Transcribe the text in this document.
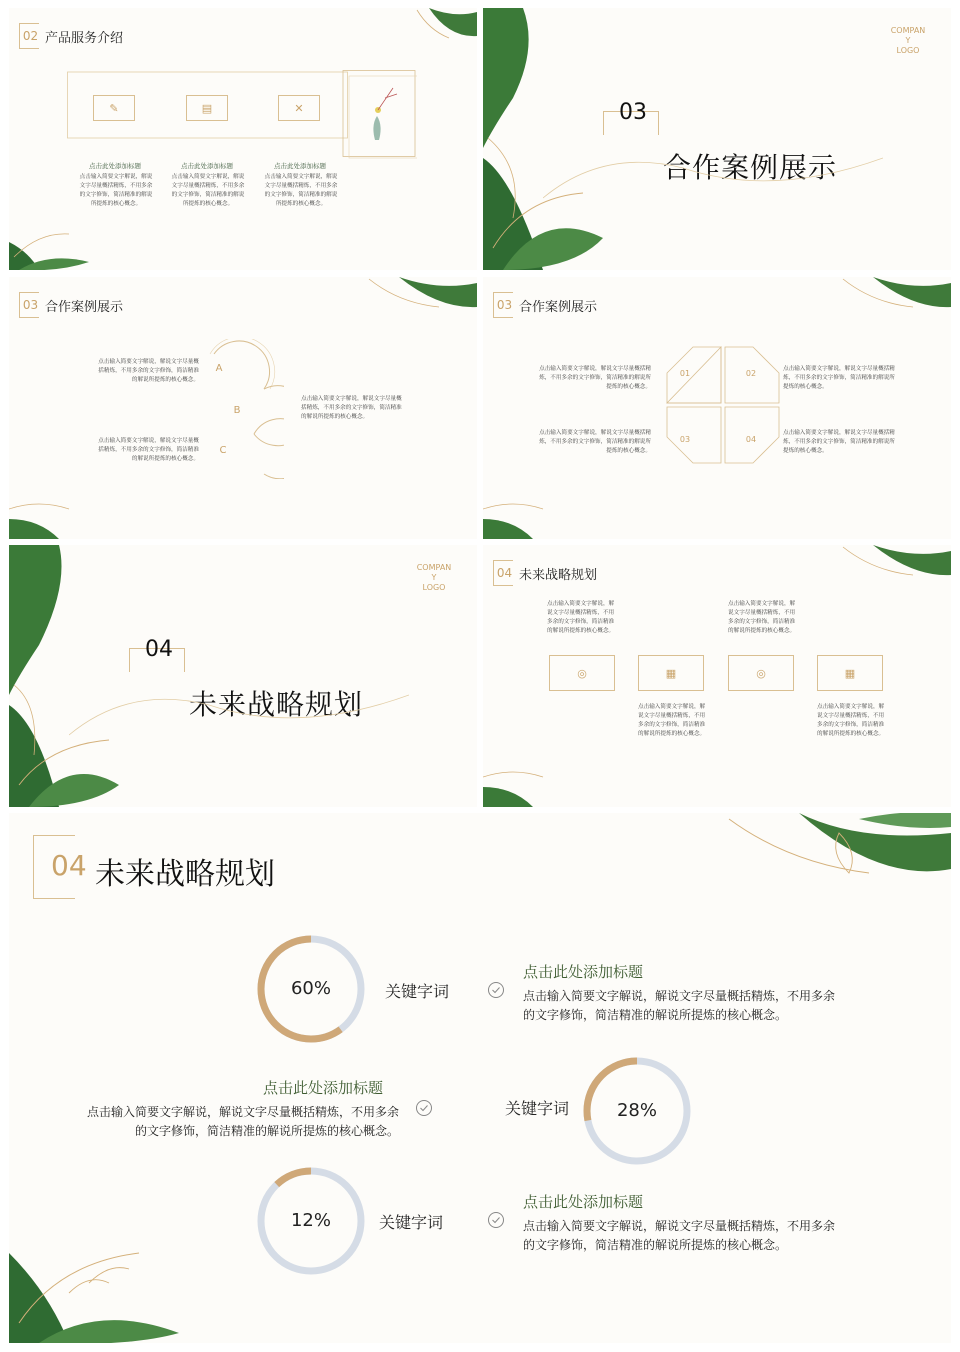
02 产品服务介绍
✎	▤	✕
点击此处添加标题
点击输入简要文字解说，解说文字尽量概括精炼，不用多余的文字修饰，简洁精准的解说所提炼的核心概念。
点击此处添加标题
点击输入简要文字解说，解说文字尽量概括精炼，不用多余的文字修饰，简洁精准的解说所提炼的核心概念。
点击此处添加标题
点击输入简要文字解说，解说文字尽量概括精炼，不用多余的文字修饰，简洁精准的解说所提炼的核心概念。
COMPAN
Y
LOGO
03
合作案例展示
03 合作案例展示
A
B
C
点击输入简要文字解说，解说文字尽量概括精炼，不用多余的文字修饰，简洁精准的解说所提炼的核心概念。
点击输入简要文字解说，解说文字尽量概括精炼，不用多余的文字修饰，简洁精准的解说所提炼的核心概念。
点击输入简要文字解说，解说文字尽量概括精炼，不用多余的文字修饰，简洁精准的解说所提炼的核心概念。
03 合作案例展示
01	02
03	04
点击输入简要文字解说，解说文字尽量概括精炼，不用多余的文字修饰，简洁精准的解说所提炼的核心概念。
点击输入简要文字解说，解说文字尽量概括精炼，不用多余的文字修饰，简洁精准的解说所提炼的核心概念。
点击输入简要文字解说，解说文字尽量概括精炼，不用多余的文字修饰，简洁精准的解说所提炼的核心概念。
点击输入简要文字解说，解说文字尽量概括精炼，不用多余的文字修饰，简洁精准的解说所提炼的核心概念。
COMPAN
Y
LOGO
04
未来战略规划
04 未来战略规划
◎	▦	◎	▦
点击输入简要文字解说，解说文字尽量概括精炼，不用多余的文字修饰，简洁精准的解说所提炼的核心概念。
点击输入简要文字解说，解说文字尽量概括精炼，不用多余的文字修饰，简洁精准的解说所提炼的核心概念。
点击输入简要文字解说，解说文字尽量概括精炼，不用多余的文字修饰，简洁精准的解说所提炼的核心概念。
点击输入简要文字解说，解说文字尽量概括精炼，不用多余的文字修饰，简洁精准的解说所提炼的核心概念。
04 未来战略规划
60%	关键字词
28%
关键字词
12%	关键字词
点击此处添加标题
点击输入简要文字解说，解说文字尽量概括精炼，不用多余
的文字修饰，简洁精准的解说所提炼的核心概念。
点击此处添加标题
点击输入简要文字解说，解说文字尽量概括精炼，不用多余
的文字修饰，简洁精准的解说所提炼的核心概念。
点击此处添加标题
点击输入简要文字解说，解说文字尽量概括精炼，不用多余
的文字修饰，简洁精准的解说所提炼的核心概念。
